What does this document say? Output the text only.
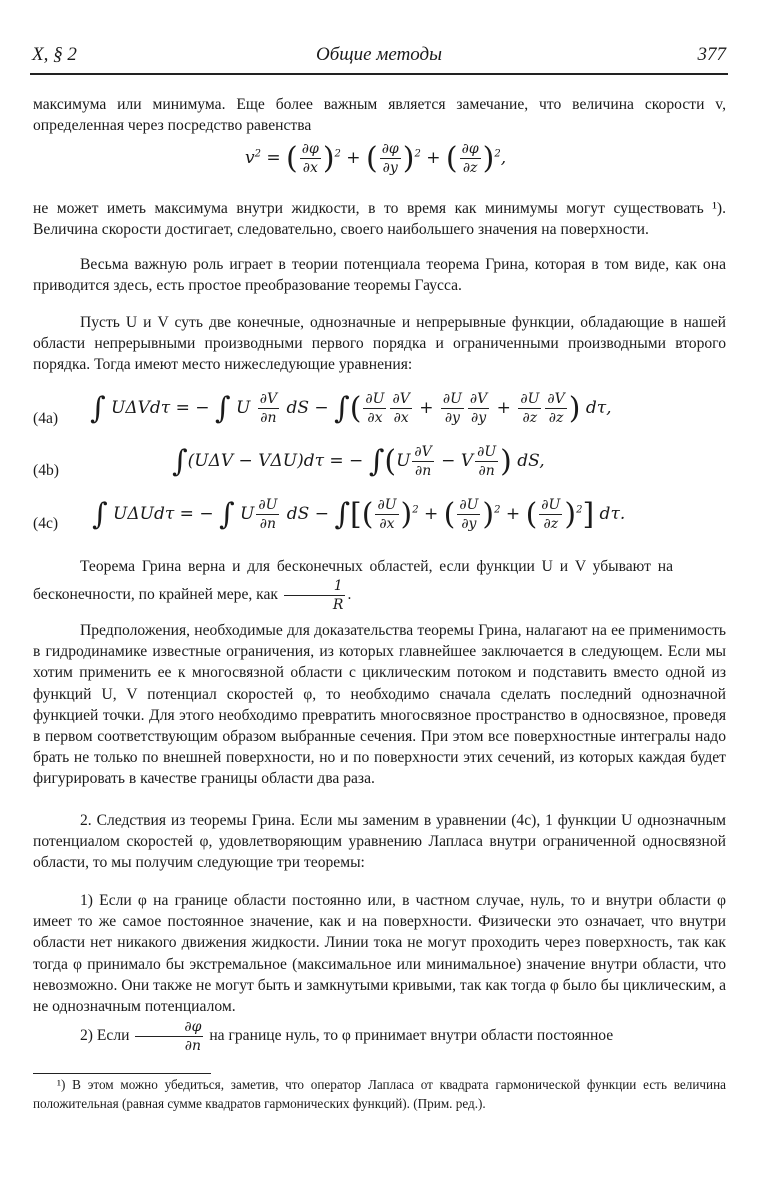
X, § 2	Общие методы	377

максимума или минимума. Еще более важным является замечание, что величина скорости v, определенная через посредство равенства

$v^2$ = ( $\frac{\partial\varphi}{\partial x} )^2$ + ( $\frac{\partial\varphi}{\partial y} )^2$ + ( $\frac{\partial\varphi}{\partial z} )^2$,

не может иметь максимума внутри жидкости, в то время как минимумы могут существовать ¹). Величина скорости достигает, следовательно, своего наибольшего значения на поверхности.

Весьма важную роль играет в теории потенциала теорема Грина, которая в том виде, как она приводится здесь, есть простое преобразование теоремы Гаусса.

Пусть U и V суть две конечные, однозначные и непрерывные функции, обладающие в нашей области непрерывными производными первого порядка и ограниченными производными второго порядка. Тогда имеют место нижеследующие уравнения:

(4a) ∫ UΔVdτ = − ∫ U $\frac{\partial V}{\partial n}$ dS − ∫( $\frac{\partial U}{\partial x} \frac{\partial V}{\partial x} + \frac{\partial U}{\partial y} \frac{\partial V}{\partial y} + \frac{\partial U}{\partial z} \frac{\partial V}{\partial z}$ ) dτ,
(4b)	∫(UΔV − VΔU)dτ = − $\int(U \frac{\partial V}{\partial n} - V \frac{\partial U}{\partial n}$ ) dS,
(4c) ∫ UΔUdτ = − ∫ U $\frac{\partial U}{\partial n}$ dS − ∫[( $\frac{\partial U}{\partial x} )^2$ + ( $\frac{\partial U}{\partial y} )^2$ + ( $\frac{\partial U}{\partial z} )^2$] dτ.

Теорема Грина верна и для бесконечных областей, если функции U и V убывают на бесконечности, по крайней мере, как $\frac{1}{R}$ .

Предположения, необходимые для доказательства теоремы Грина, налагают на ее применимость в гидродинамике известные ограничения, из которых главнейшее заключается в следующем. Если мы хотим применить ее к многосвязной области с циклическим потоком и подставить вместо одной из функций U, V потенциал скоростей φ, то необходимо сначала сделать последний однозначной функцией точки. Для этого необходимо превратить многосвязное пространство в односвязное, проведя в первом соответствующим образом выбранные сечения. При этом все поверхностные интегралы надо брать не только по внешней поверхности, но и по поверхности этих сечений, из которых каждая будет фигурировать в качестве границы области два раза.

2. Следствия из теоремы Грина. Если мы заменим в уравнении (4c), 1 функции U однозначным потенциалом скоростей φ, удовлетворяющим уравнению Лапласа внутри ограниченной односвязной области, то мы получим следующие три теоремы:

1) Если φ на границе области постоянно или, в частном случае, нуль, то и внутри области φ имеет то же самое постоянное значение, как и на поверхности. Физически это означает, что внутри области нет никакого движения жидкости. Линии тока не могут проходить через поверхность, так как тогда φ принимало бы экстремальное (максимальное или минимальное) значение внутри области, что невозможно. Они также не могут быть и замкнутыми кривыми, так как тогда φ было бы циклическим, а не однозначным потенциалом.

2) Если $\frac{\partial\varphi}{\partial n}$ на границе нуль, то φ принимает внутри области постоянное

¹) В этом можно убедиться, заметив, что оператор Лапласа от квадрата гармонической функции есть величина положительная (равная сумме квадратов гармонических функций). (Прим. ред.).
